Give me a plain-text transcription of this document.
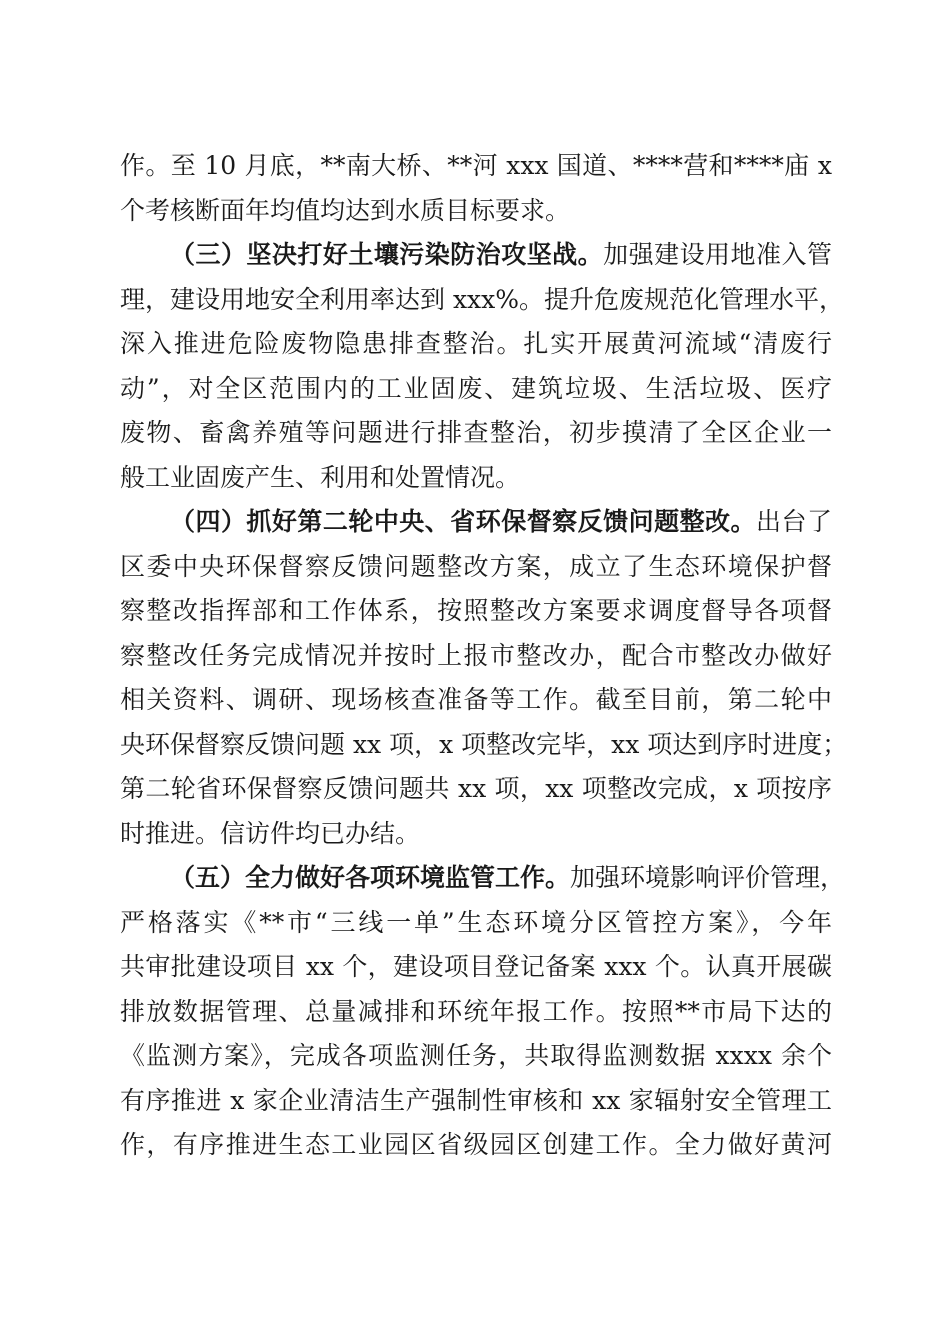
作。至 10 月底，**南大桥、**河 xxx 国道、****营和****庙 x
个考核断面年均值均达到水质目标要求。
（三）坚决打好土壤污染防治攻坚战。加强建设用地准入管
理，建设用地安全利用率达到 xxx%。提升危废规范化管理水平，
深入推进危险废物隐患排查整治。扎实开展黄河流域“清废行
动”，对全区范围内的工业固废、建筑垃圾、生活垃圾、医疗
废物、畜禽养殖等问题进行排查整治，初步摸清了全区企业一
般工业固废产生、利用和处置情况。
（四）抓好第二轮中央、省环保督察反馈问题整改。出台了
区委中央环保督察反馈问题整改方案，成立了生态环境保护督
察整改指挥部和工作体系，按照整改方案要求调度督导各项督
察整改任务完成情况并按时上报市整改办，配合市整改办做好
相关资料、调研、现场核查准备等工作。截至目前，第二轮中
央环保督察反馈问题 xx 项，x 项整改完毕，xx 项达到序时进度；
第二轮省环保督察反馈问题共 xx 项，xx 项整改完成，x 项按序
时推进。信访件均已办结。
（五）全力做好各项环境监管工作。加强环境影响评价管理，
严格落实《**市“三线一单”生态环境分区管控方案》，今年
共审批建设项目 xx 个，建设项目登记备案 xxx 个。认真开展碳
排放数据管理、总量减排和环统年报工作。按照**市局下达的
《监测方案》，完成各项监测任务，共取得监测数据 xxxx 余个
有序推进 x 家企业清洁生产强制性审核和 xx 家辐射安全管理工
作，有序推进生态工业园区省级园区创建工作。全力做好黄河
